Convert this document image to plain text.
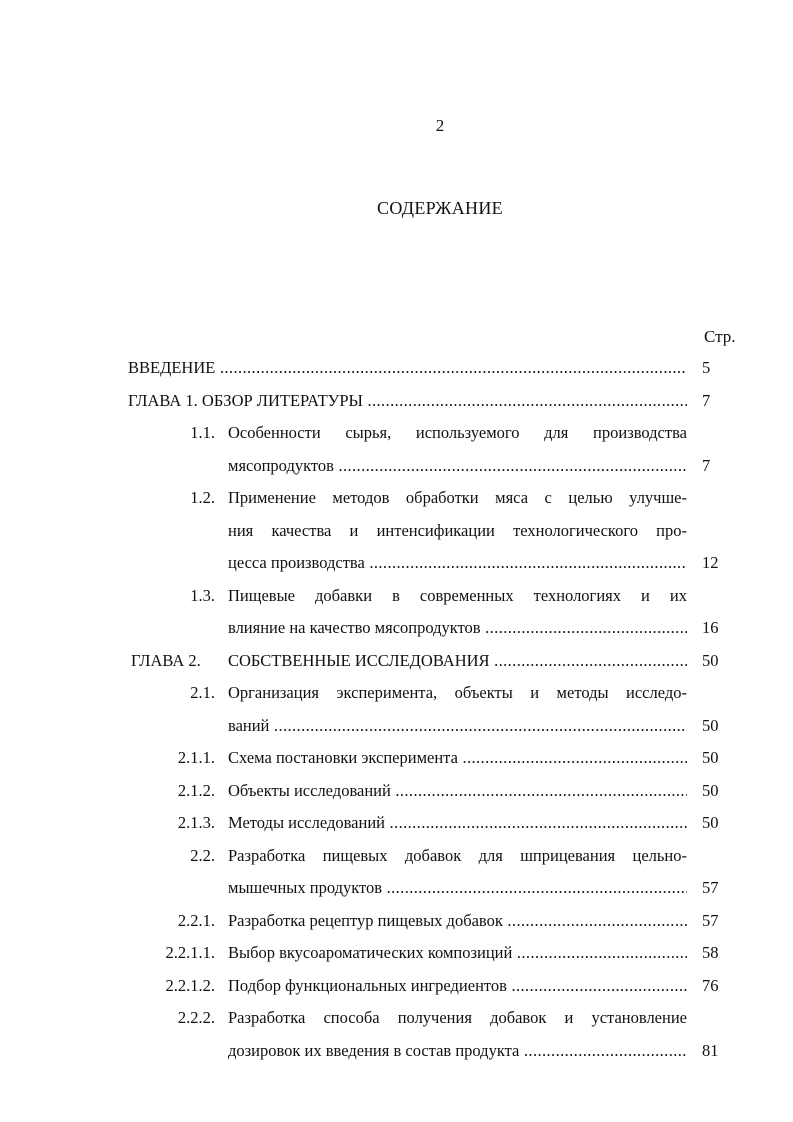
2
СОДЕРЖАНИЕ
Стр.
ВВЕДЕНИЕ .....	5
ГЛАВА 1. ОБЗОР ЛИТЕРАТУРЫ .....	7
1.1. Особенности сырья, используемого для производства
мясопродуктов .....	7
1.2. Применение методов обработки мяса с целью улучше-
ния качества и интенсификации технологического про-
цесса производства .....	12
1.3. Пищевые добавки в современных технологиях и их
влияние на качество мясопродуктов .....	16
ГЛАВА 2. СОБСТВЕННЫЕ ИССЛЕДОВАНИЯ .....	50
2.1. Организация эксперимента, объекты и методы исследо-
ваний .....	50
2.1.1. Схема постановки эксперимента .....	50
2.1.2. Объекты исследований .....	50
2.1.3. Методы исследований .....	50
2.2. Разработка пищевых добавок для шприцевания цельно-
мышечных продуктов .....	57
2.2.1. Разработка рецептур пищевых добавок .....	57
2.2.1.1. Выбор вкусоароматических композиций .....	58
2.2.1.2. Подбор функциональных ингредиентов .....	76
2.2.2. Разработка способа получения добавок и установление
дозировок их введения в состав продукта .....	81
